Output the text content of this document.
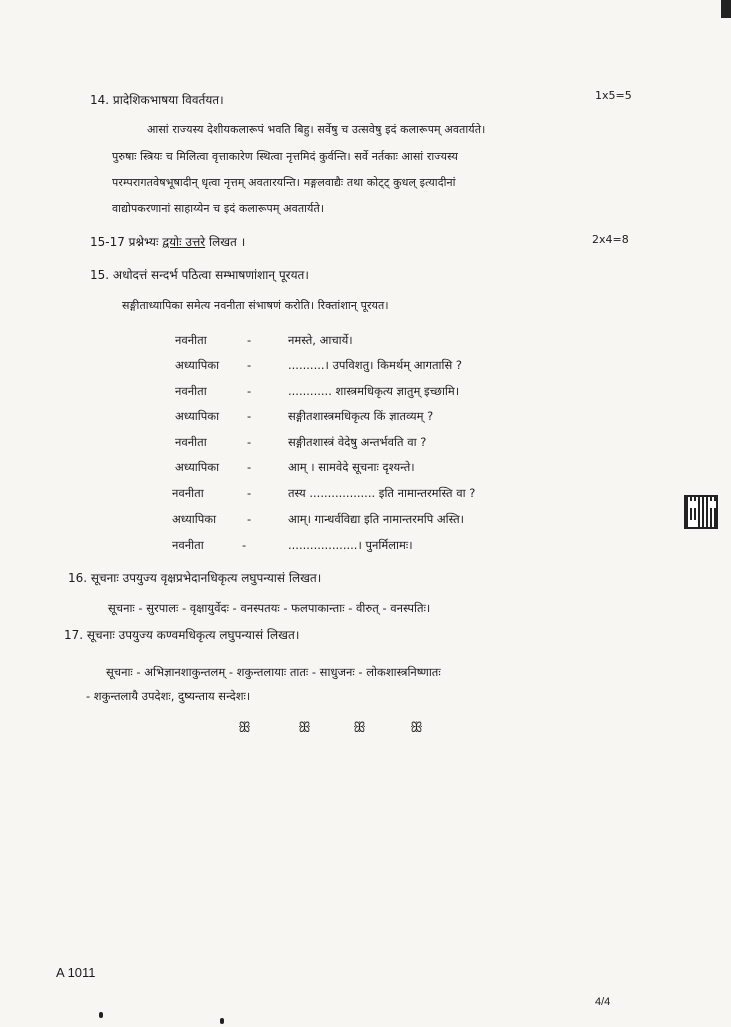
14. प्रादेशिकभाषया विवर्तयत।	1x5=5
आसां राज्यस्य देशीयकलारूपं भवति बिहु। सर्वेषु च उत्सवेषु इदं कलारूपम् अवतार्यते।
पुरुषाः स्त्रियः च मिलित्वा वृत्ताकारेण स्थित्वा नृत्तमिदं कुर्वन्ति। सर्वे नर्तकाः आसां राज्यस्य
परम्परागतवेषभूषादीन् धृत्वा नृत्तम् अवतारयन्ति। मङ्गलवाद्यैः तथा कोट्ट् कुधल् इत्यादीनां
वाद्योपकरणानां साहाय्येन च इदं कलारूपम् अवतार्यते।
15-17 प्रश्नेभ्यः द्वयोः उत्तरे लिखत ।	2x4=8
15. अधोदत्तं सन्दर्भ पठित्वा सम्भाषणांशान् पूरयत।
सङ्गीताध्यापिका समेत्य नवनीता संभाषणं करोति। रिक्तांशान् पूरयत।
नवनीता	-	नमस्ते, आचार्ये।
अध्यापिका -	..........। उपविशतु। किमर्थम् आगतासि ?
नवनीता	-	............ शास्त्रमधिकृत्य ज्ञातुम् इच्छामि।
अध्यापिका -	सङ्गीतशास्त्रमधिकृत्य किं ज्ञातव्यम् ?
नवनीता	-	सङ्गीतशास्त्रं वेदेषु अन्तर्भवति वा ?
अध्यापिका -	आम् । सामवेदे सूचनाः दृश्यन्ते।
नवनीता	-	तस्य .................. इति नामान्तरमस्ति वा ?
अध्यापिका	-	आम्। गान्धर्वविद्या इति नामान्तरमपि अस्ति।
नवनीता	-	...................। पुनर्मिलामः।
16. सूचनाः उपयुज्य वृक्षप्रभेदानधिकृत्य लघुपन्यासं लिखत।
सूचनाः - सुरपालः - वृक्षायुर्वेदः - वनस्पतयः - फलपाकान्ताः - वीरुत् - वनस्पतिः।
17. सूचनाः उपयुज्य कण्वमधिकृत्य लघुपन्यासं लिखत।
सूचनाः - अभिज्ञानशाकुन्तलम् - शकुन्तलायाः तातः - साधुजनः - लोकशास्त्रनिष्णातः
- शकुन्तलायै उपदेशः, दुष्यन्ताय सन्देशः।
ꕥ	ꕥ	ꕥ	ꕥ
A 1011
4/4
